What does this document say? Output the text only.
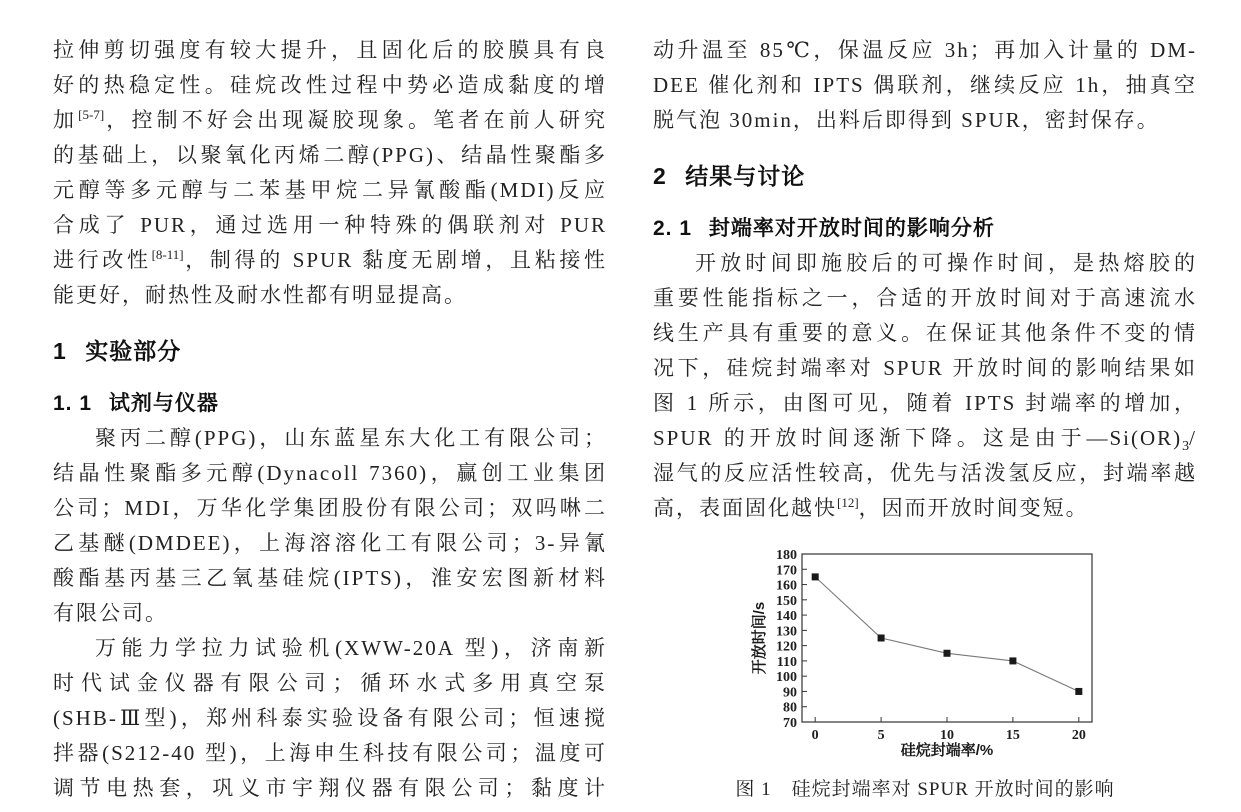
拉伸剪切强度有较大提升，且固化后的胶膜具有良
好的热稳定性。硅烷改性过程中势必造成黏度的增
加[5-7]，控制不好会出现凝胶现象。笔者在前人研究
的基础上，以聚氧化丙烯二醇(PPG)、结晶性聚酯多
元醇等多元醇与二苯基甲烷二异氰酸酯(MDI)反应
合成了 PUR，通过选用一种特殊的偶联剂对 PUR
进行改性[8-11]，制得的 SPUR 黏度无剧增，且粘接性
能更好，耐热性及耐水性都有明显提高。
1 实验部分
1. 1 试剂与仪器
聚丙二醇(PPG)，山东蓝星东大化工有限公司；
结晶性聚酯多元醇(Dynacoll 7360)，赢创工业集团
公司；MDI，万华化学集团股份有限公司；双吗啉二
乙基醚(DMDEE)，上海溶溶化工有限公司；3-异氰
酸酯基丙基三乙氧基硅烷(IPTS)，淮安宏图新材料
有限公司。
万能力学拉力试验机(XWW-20A 型)，济南新
时代试金仪器有限公司；循环水式多用真空泵
(SHB-Ⅲ型)，郑州科泰实验设备有限公司；恒速搅
拌器(S212-40 型)，上海申生科技有限公司；温度可
调节电热套，巩义市宇翔仪器有限公司；黏度计
动升温至 85℃，保温反应 3h；再加入计量的 DM-
DEE 催化剂和 IPTS 偶联剂，继续反应 1h，抽真空
脱气泡 30min，出料后即得到 SPUR，密封保存。
2 结果与讨论
2. 1 封端率对开放时间的影响分析
开放时间即施胶后的可操作时间，是热熔胶的
重要性能指标之一，合适的开放时间对于高速流水
线生产具有重要的意义。在保证其他条件不变的情
况下，硅烷封端率对 SPUR 开放时间的影响结果如
图 1 所示，由图可见，随着 IPTS 封端率的增加，
SPUR 的开放时间逐渐下降。这是由于$—Si(OR)_3/$
湿气的反应活性较高，优先与活泼氢反应，封端率越
高，表面固化越快[12]，因而开放时间变短。
70
80
90
100
110
120
130
140
150
160
170
180
0	5	10	15	20
开放时间/s
硅烷封端率/%
图 1　硅烷封端率对 SPUR 开放时间的影响
